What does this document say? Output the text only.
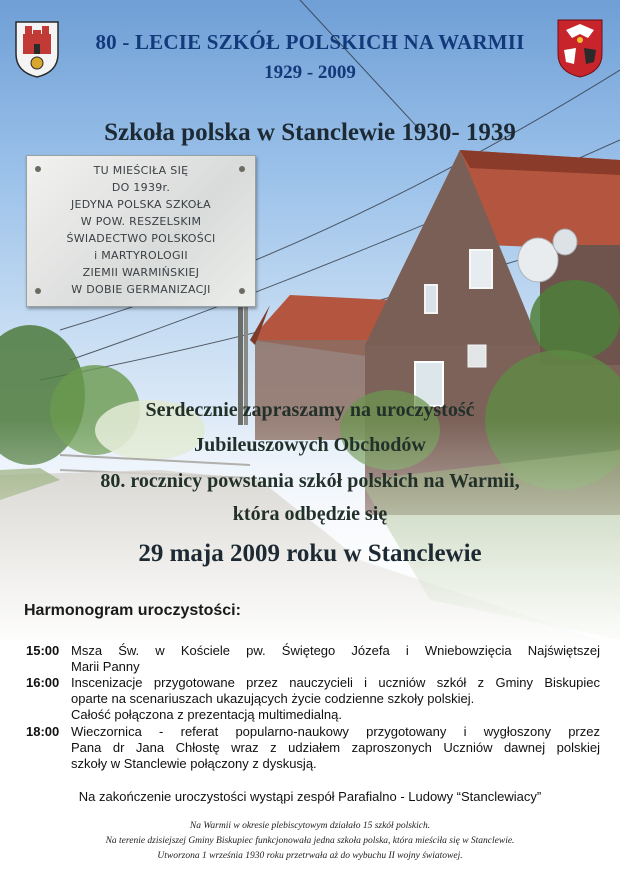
80 - LECIE SZKÓŁ POLSKICH NA WARMII
1929 - 2009
Szkoła polska w Stanclewie 1930- 1939
TU MIEŚCIŁA SIĘ
DO 1939r.
JEDYNA POLSKA SZKOŁA
W POW. RESZELSKIM
ŚWIADECTWO POLSKOŚCI
i MARTYROLOGII
ZIEMII WARMIŃSKIEJ
W DOBIE GERMANIZACJI
Serdecznie zapraszamy na uroczystość
Jubileuszowych Obchodów
80. rocznicy powstania szkół polskich na Warmii,
która odbędzie się
29 maja 2009 roku w Stanclewie
Harmonogram uroczystości:
15:00 Msza Św. w Kościele pw. Świętego Józefa i Wniebowzięcia Najświętszej
Marii Panny
16:00 Inscenizacje przygotowane przez nauczycieli i uczniów szkół z Gminy Biskupiec
oparte na scenariuszach ukazujących życie codzienne szkoły polskiej.
Całość połączona z prezentacją multimedialną.
18:00 Wieczornica - referat popularno-naukowy przygotowany i wygłoszony przez
Pana dr Jana Chłostę wraz z udziałem zaproszonych Uczniów dawnej polskiej
szkoły w Stanclewie połączony z dyskusją.
Na zakończenie uroczystości wystąpi zespół Parafialno - Ludowy “Stanclewiacy”
Na Warmii w okresie plebiscytowym działało 15 szkół polskich.
Na terenie dzisiejszej Gminy Biskupiec funkcjonowała jedna szkoła polska, która mieściła się w Stanclewie.
Utworzona 1 września 1930 roku przetrwała aż do wybuchu II wojny światowej.
